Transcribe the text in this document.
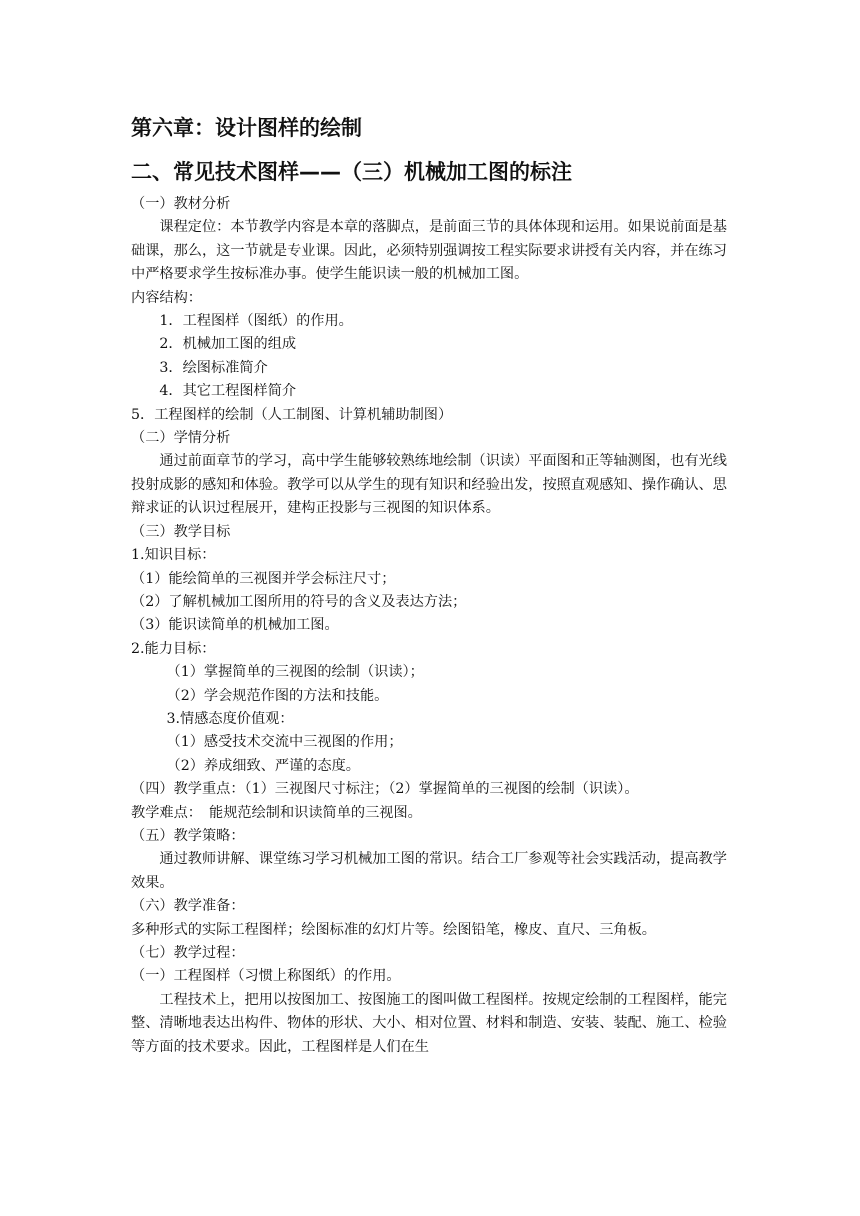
第六章：设计图样的绘制
二、常见技术图样——（三）机械加工图的标注

（一）教材分析

课程定位：本节教学内容是本章的落脚点，是前面三节的具体体现和运用。如果说前面是基础课，那么，这一节就是专业课。因此，必须特别强调按工程实际要求讲授有关内容，并在练习中严格要求学生按标准办事。使学生能识读一般的机械加工图。

内容结构：

1．工程图样（图纸）的作用。

2．机械加工图的组成

3．绘图标准简介

4．其它工程图样简介

5．工程图样的绘制（人工制图、计算机辅助制图）

（二）学情分析

通过前面章节的学习，高中学生能够较熟练地绘制（识读）平面图和正等轴测图，也有光线投射成影的感知和体验。教学可以从学生的现有知识和经验出发，按照直观感知、操作确认、思辩求证的认识过程展开，建构正投影与三视图的知识体系。

（三）教学目标

1.知识目标：

（1）能绘简单的三视图并学会标注尺寸；

（2）了解机械加工图所用的符号的含义及表达方法；

（3）能识读简单的机械加工图。

2.能力目标：

（1）掌握简单的三视图的绘制（识读）；

（2）学会规范作图的方法和技能。

3.情感态度价值观：

（1）感受技术交流中三视图的作用；

（2）养成细致、严谨的态度。

（四）教学重点：（1）三视图尺寸标注；（2）掌握简单的三视图的绘制（识读）。

教学难点：　能规范绘制和识读简单的三视图。

（五）教学策略：

通过教师讲解、课堂练习学习机械加工图的常识。结合工厂参观等社会实践活动，提高教学效果。

（六）教学准备：

多种形式的实际工程图样；绘图标准的幻灯片等。绘图铅笔，橡皮、直尺、三角板。

（七）教学过程：

（一）工程图样（习惯上称图纸）的作用。

工程技术上，把用以按图加工、按图施工的图叫做工程图样。按规定绘制的工程图样，能完整、清晰地表达出构件、物体的形状、大小、相对位置、材料和制造、安装、装配、施工、检验等方面的技术要求。因此，工程图样是人们在生
